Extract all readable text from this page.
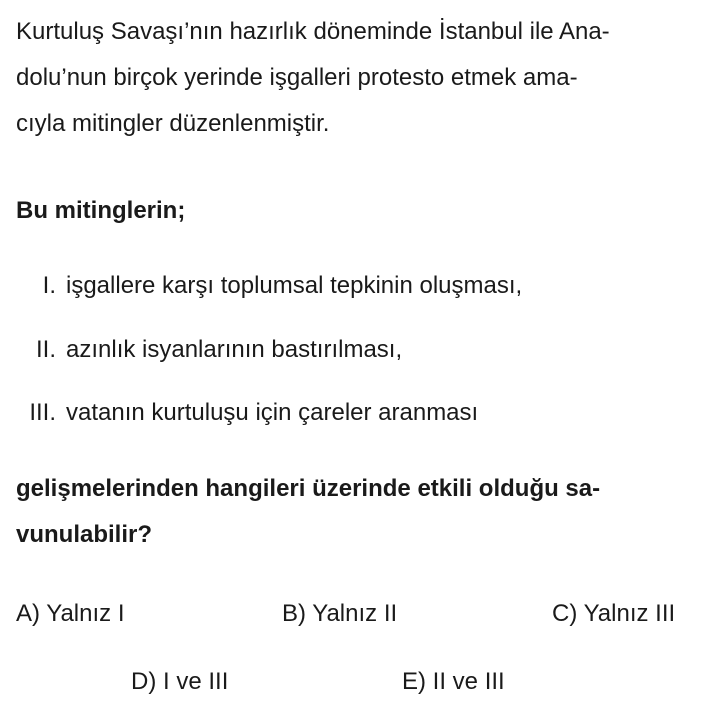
Kurtuluş Savaşı’nın hazırlık döneminde İstanbul ile Ana-
dolu’nun birçok yerinde işgalleri protesto etmek ama-
cıyla mitingler düzenlenmiştir.
Bu mitinglerin;
I. işgallere karşı toplumsal tepkinin oluşması,
II. azınlık isyanlarının bastırılması,
III. vatanın kurtuluşu için çareler aranması
gelişmelerinden hangileri üzerinde etkili olduğu sa-
vunulabilir?
A) Yalnız I	B) Yalnız II	C) Yalnız III
D) I ve III	E) II ve III
